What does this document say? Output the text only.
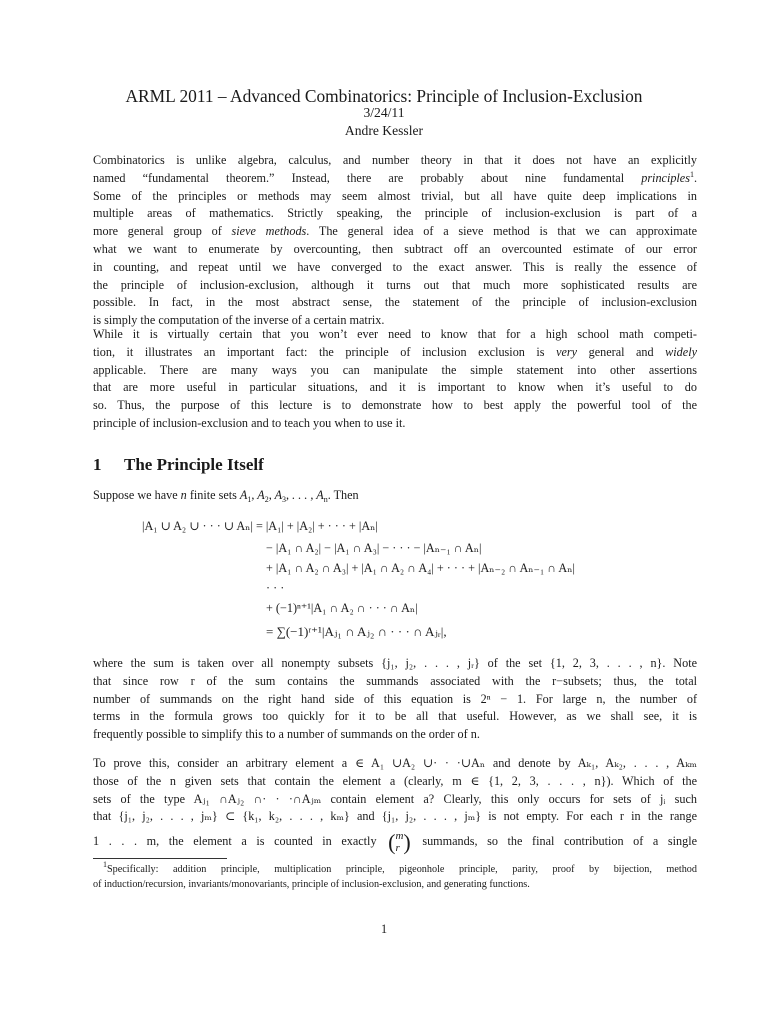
ARML 2011 – Advanced Combinatorics: Principle of Inclusion-Exclusion
3/24/11
Andre Kessler

Combinatorics is unlike algebra, calculus, and number theory in that it does not have an explicitly
named “fundamental theorem.” Instead, there are probably about nine fundamental principles$^1$.
Some of the principles or methods may seem almost trivial, but all have quite deep implications in
multiple areas of mathematics. Strictly speaking, the principle of inclusion-exclusion is part of a
more general group of sieve methods. The general idea of a sieve method is that we can approximate
what we want to enumerate by overcounting, then subtract off an overcounted estimate of our error
in counting, and repeat until we have converged to the exact answer. This is really the essence of
the principle of inclusion-exclusion, although it turns out that much more sophisticated results are
possible. In fact, in the most abstract sense, the statement of the principle of inclusion-exclusion
is simply the computation of the inverse of a certain matrix.

While it is virtually certain that you won’t ever need to know that for a high school math competi-
tion, it illustrates an important fact: the principle of inclusion exclusion is very general and widely
applicable. There are many ways you can manipulate the simple statement into other assertions
that are more useful in particular situations, and it is important to know when it’s useful to do
so. Thus, the purpose of this lecture is to demonstrate how to best apply the powerful tool of the
principle of inclusion-exclusion and to teach you when to use it.

1 The Principle Itself

Suppose we have n finite sets $A_1$, $A_2$, $A_3$, . . . , $A_n$. Then

|A₁ ∪ A₂ ∪ · · · ∪ Aₙ| = |A₁| + |A₂| + · · · + |Aₙ|
− |A₁ ∩ A₂| − |A₁ ∩ A₃| − · · · − |Aₙ₋₁ ∩ Aₙ|
+ |A₁ ∩ A₂ ∩ A₃| + |A₁ ∩ A₂ ∩ A₄| + · · · + |Aₙ₋₂ ∩ Aₙ₋₁ ∩ Aₙ|
· · ·
+ (−1)ⁿ⁺¹|A₁ ∩ A₂ ∩ · · · ∩ Aₙ|
= ∑(−1)ʳ⁺¹|Aⱼ₁ ∩ Aⱼ₂ ∩ · · · ∩ Aⱼᵣ|,

where the sum is taken over all nonempty subsets {j₁, j₂, . . . , jᵣ} of the set {1, 2, 3, . . . , n}. Note
that since row r of the sum contains the summands associated with the r−subsets; thus, the total
number of summands on the right hand side of this equation is 2ⁿ − 1. For large n, the number of
terms in the formula grows too quickly for it to be all that useful. However, as we shall see, it is
frequently possible to simplify this to a number of summands on the order of n.

To prove this, consider an arbitrary element a ∈ A₁ ∪A₂ ∪· · ·∪Aₙ and denote by Aₖ₁, Aₖ₂, . . . , Aₖₘ
those of the n given sets that contain the element a (clearly, m ∈ {1, 2, 3, . . . , n}). Which of the
sets of the type Aⱼ₁ ∩Aⱼ₂ ∩· · ·∩Aⱼₘ contain element a? Clearly, this only occurs for sets of jᵢ such
that {j₁, j₂, . . . , jₘ} ⊂ {k₁, k₂, . . . , kₘ} and {j₁, j₂, . . . , jₘ} is not empty. For each r in the range
1 . . . m, the element a is counted in exactly (m
r ) summands, so the final contribution of a single

$^1$Specifically: addition principle, multiplication principle, pigeonhole principle, parity, proof by bijection, method
of induction/recursion, invariants/monovariants, principle of inclusion-exclusion, and generating functions.

1
